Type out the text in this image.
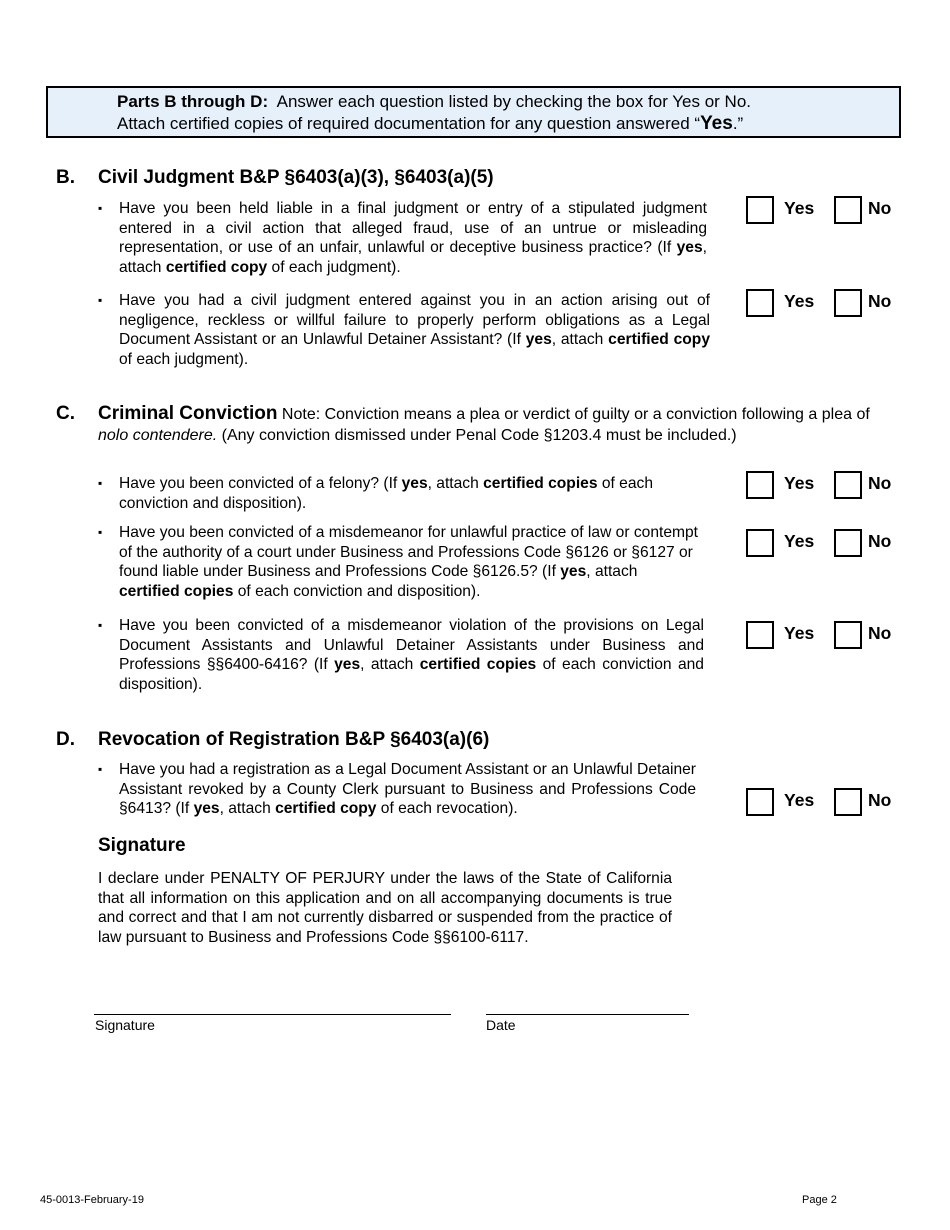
Parts B through D: Answer each question listed by checking the box for Yes or No.
Attach certified copies of required documentation for any question answered “Yes.”
B. Civil Judgment B&P §6403(a)(3), §6403(a)(5)
▪ Have you been held liable in a final judgment or entry of a stipulated judgment entered in a civil action that alleged fraud, use of an untrue or misleading representation, or use of an unfair, unlawful or deceptive business practice? (If yes, attach certified copy of each judgment).
Yes	No
▪ Have you had a civil judgment entered against you in an action arising out of negligence, reckless or willful failure to properly perform obligations as a Legal Document Assistant or an Unlawful Detainer Assistant? (If yes, attach certified copy of each judgment).
Yes	No
C. Criminal Conviction Note: Conviction means a plea or verdict of guilty or a conviction following a plea of nolo contendere. (Any conviction dismissed under Penal Code §1203.4 must be included.)
▪ Have you been convicted of a felony? (If yes, attach certified copies of each conviction and disposition).
Yes	No
▪ Have you been convicted of a misdemeanor for unlawful practice of law or contempt of the authority of a court under Business and Professions Code §6126 or §6127 or found liable under Business and Professions Code §6126.5? (If yes, attach certified copies of each conviction and disposition).
Yes	No
▪ Have you been convicted of a misdemeanor violation of the provisions on Legal Document Assistants and Unlawful Detainer Assistants under Business and Professions §§6400-6416? (If yes, attach certified copies of each conviction and disposition).
Yes	No
D. Revocation of Registration B&P §6403(a)(6)
▪ Have you had a registration as a Legal Document Assistant or an Unlawful Detainer Assistant revoked by a County Clerk pursuant to Business and Professions Code §6413? (If yes, attach certified copy of each revocation).	Yes	No
Signature
I declare under PENALTY OF PERJURY under the laws of the State of California that all information on this application and on all accompanying documents is true and correct and that I am not currently disbarred or suspended from the practice of law pursuant to Business and Professions Code §§6100-6117.
Signature	Date
45-0013-February-19	Page 2
